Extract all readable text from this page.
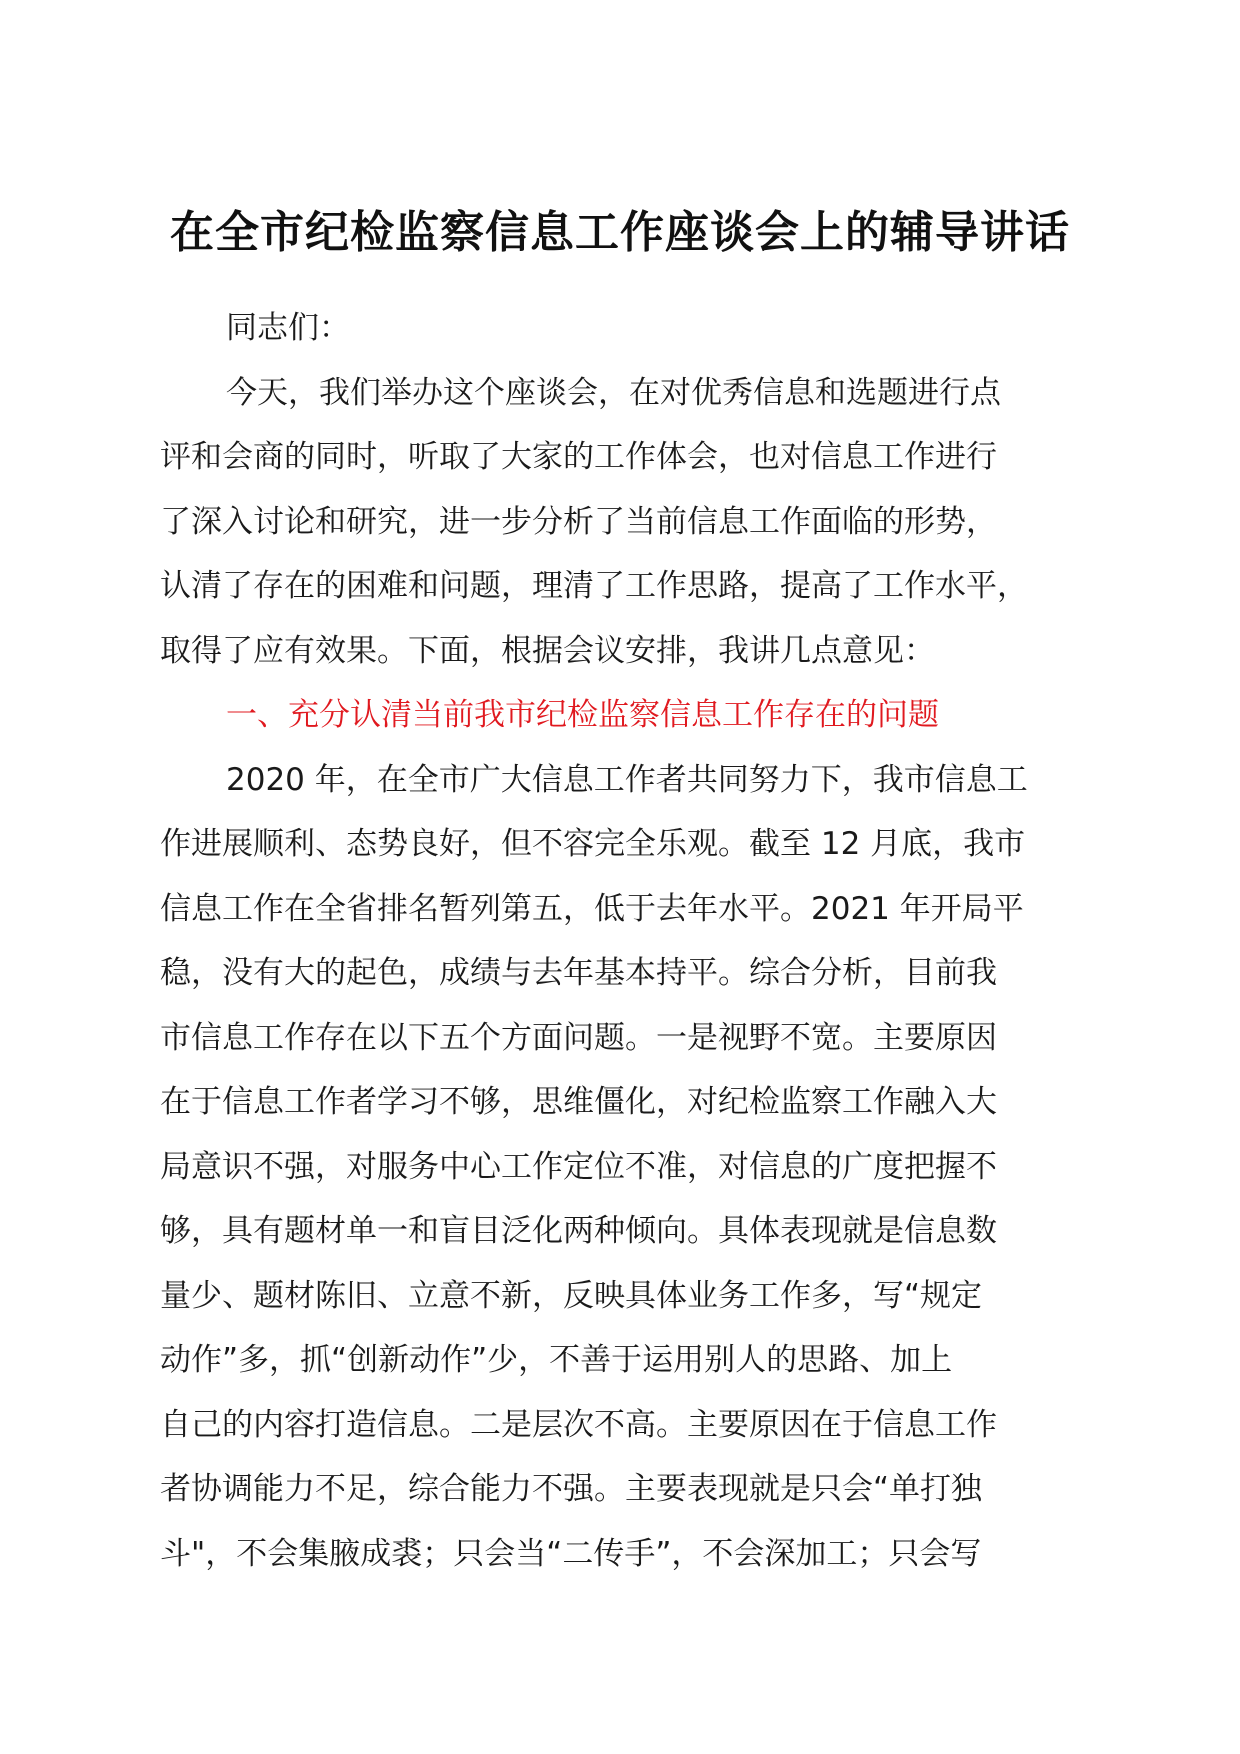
在全市纪检监察信息工作座谈会上的辅导讲话
同志们：
今天，我们举办这个座谈会，在对优秀信息和选题进行点
评和会商的同时，听取了大家的工作体会，也对信息工作进行
了深入讨论和研究，进一步分析了当前信息工作面临的形势，
认清了存在的困难和问题，理清了工作思路，提高了工作水平，
取得了应有效果。下面，根据会议安排，我讲几点意见：
一、充分认清当前我市纪检监察信息工作存在的问题
2020 年，在全市广大信息工作者共同努力下，我市信息工
作进展顺利、态势良好，但不容完全乐观。截至 12 月底，我市
信息工作在全省排名暂列第五，低于去年水平。2021 年开局平
稳，没有大的起色，成绩与去年基本持平。综合分析，目前我
市信息工作存在以下五个方面问题。一是视野不宽。主要原因
在于信息工作者学习不够，思维僵化，对纪检监察工作融入大
局意识不强，对服务中心工作定位不准，对信息的广度把握不
够，具有题材单一和盲目泛化两种倾向。具体表现就是信息数
量少、题材陈旧、立意不新，反映具体业务工作多，写“规定
动作”多，抓“创新动作”少，不善于运用别人的思路、加上
自己的内容打造信息。二是层次不高。主要原因在于信息工作
者协调能力不足，综合能力不强。主要表现就是只会“单打独
斗"，不会集腋成裘；只会当“二传手”，不会深加工；只会写
